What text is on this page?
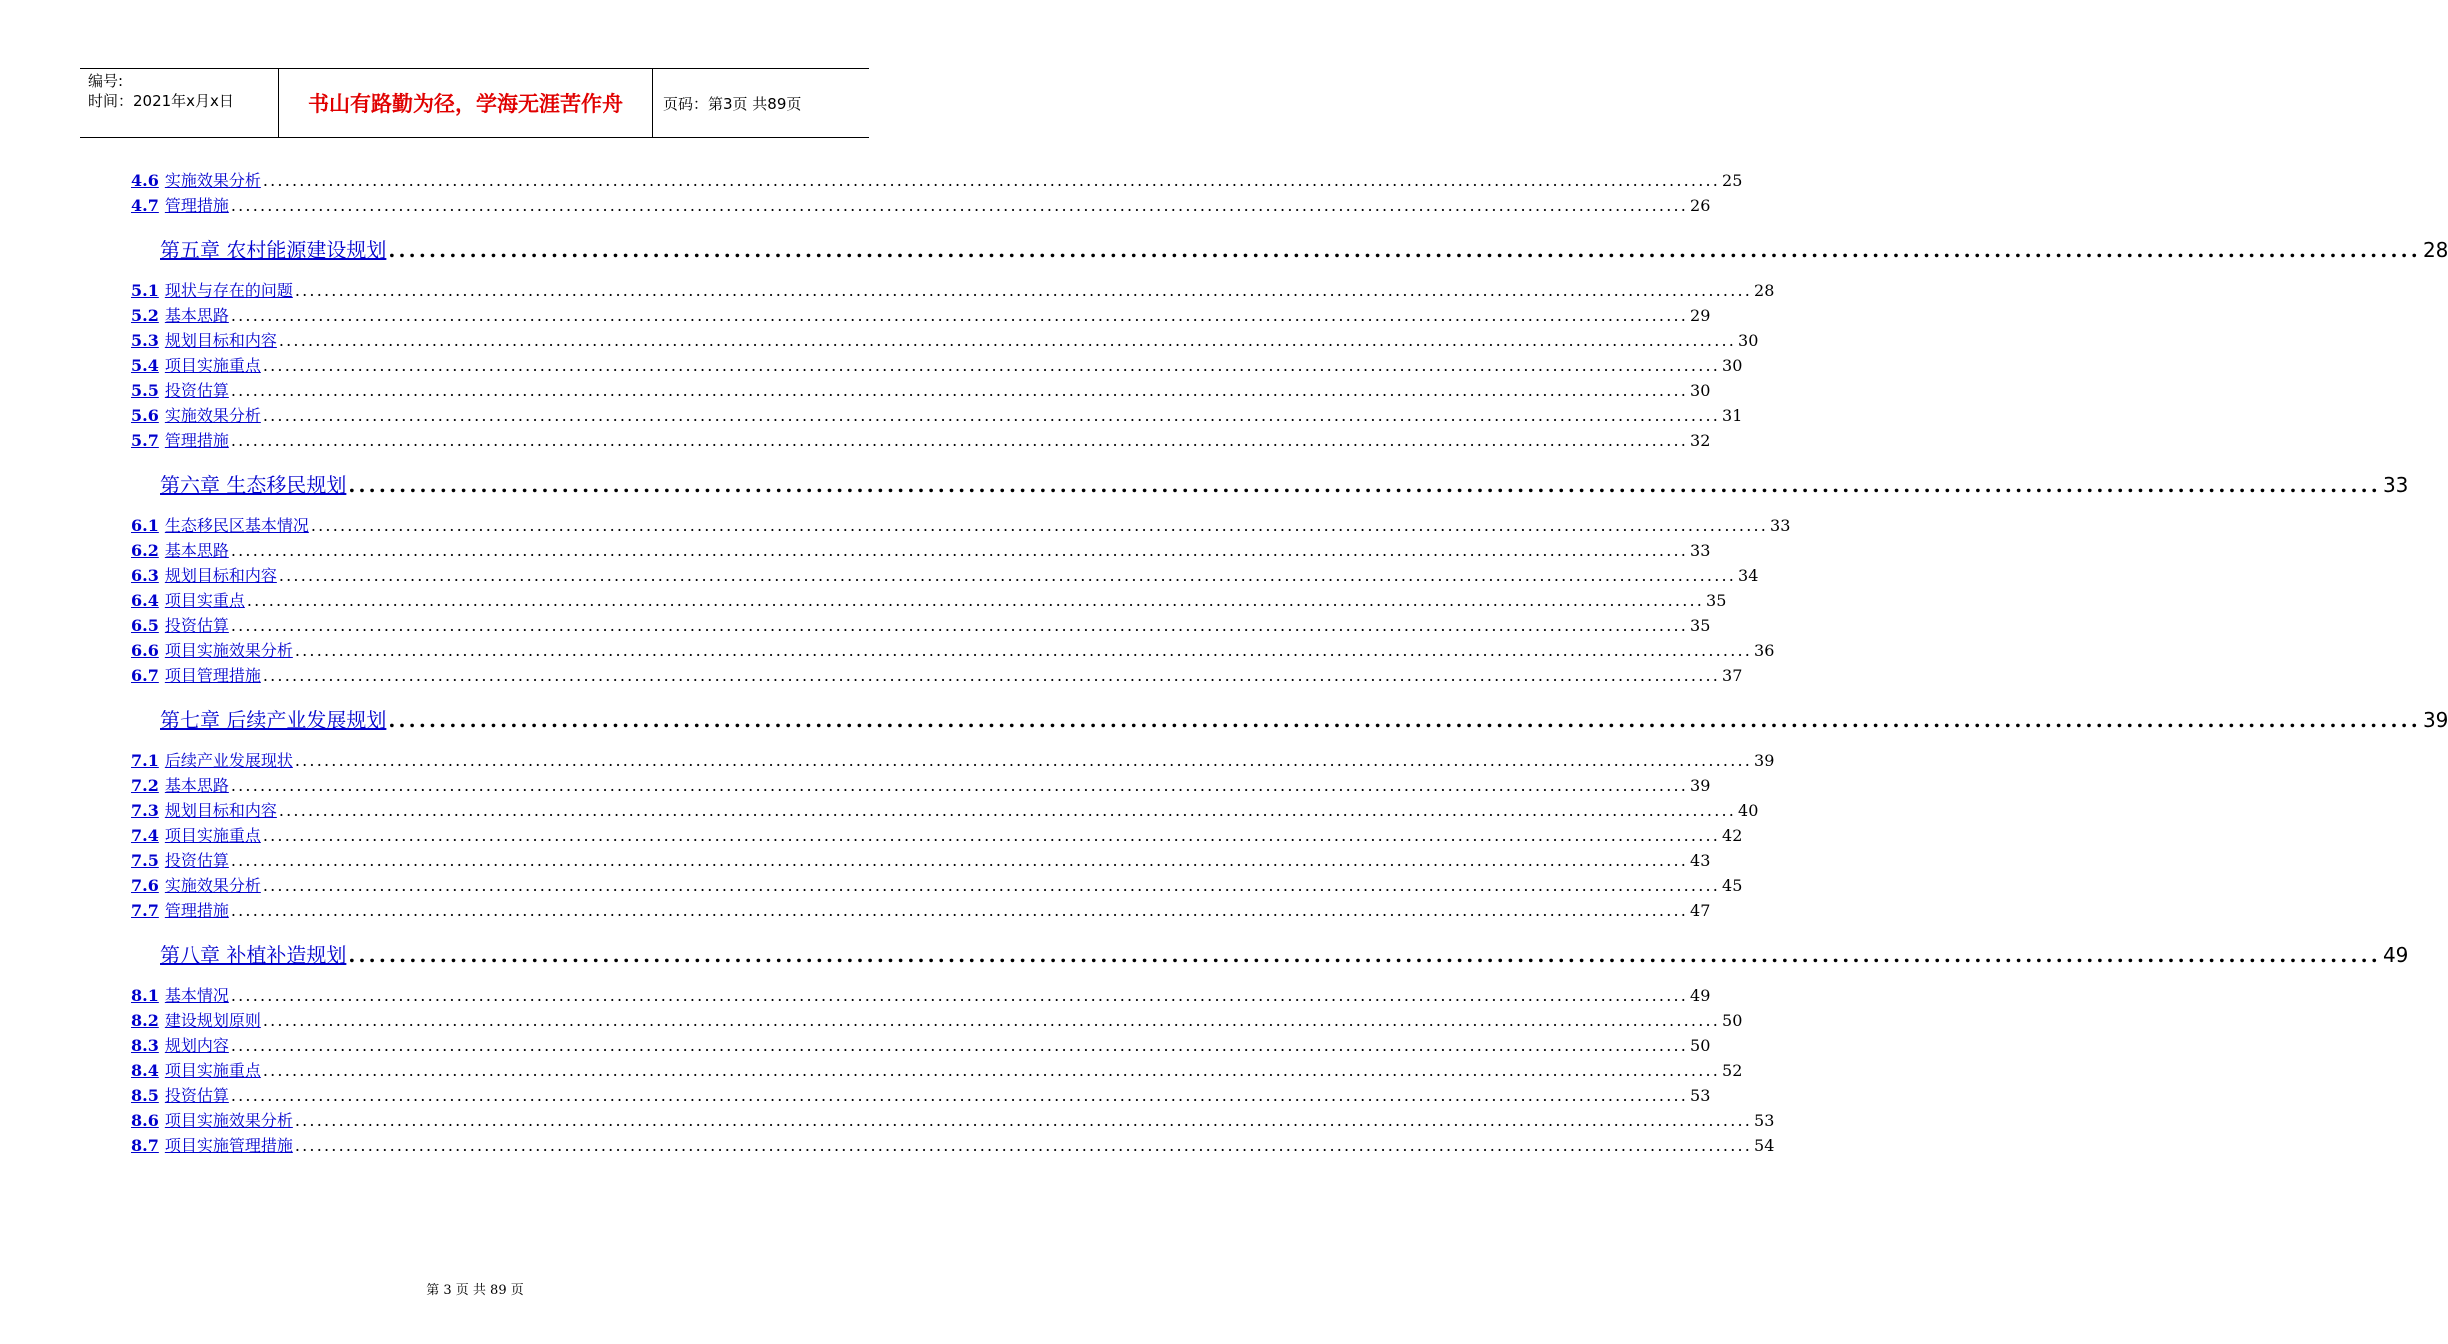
编号:
时间：2021年x月x日	书山有路勤为径，学海无涯苦作舟	页码：第3页 共89页
4.6 实施效果分析 ........................................................................................................................................................................................................ 25
4.7 管理措施 ........................................................................................................................................................................................................ 26
第五章 农村能源建设规划 ........................................................................................................................................................................................................ 28
5.1 现状与存在的问题 ........................................................................................................................................................................................................ 28
5.2 基本思路 ........................................................................................................................................................................................................ 29
5.3 规划目标和内容 ........................................................................................................................................................................................................ 30
5.4 项目实施重点 ........................................................................................................................................................................................................ 30
5.5 投资估算 ........................................................................................................................................................................................................ 30
5.6 实施效果分析 ........................................................................................................................................................................................................ 31
5.7 管理措施 ........................................................................................................................................................................................................ 32
第六章 生态移民规划 ........................................................................................................................................................................................................ 33
6.1 生态移民区基本情况 ........................................................................................................................................................................................................ 33
6.2 基本思路 ........................................................................................................................................................................................................ 33
6.3 规划目标和内容 ........................................................................................................................................................................................................ 34
6.4 项目实重点 ........................................................................................................................................................................................................ 35
6.5 投资估算 ........................................................................................................................................................................................................ 35
6.6 项目实施效果分析 ........................................................................................................................................................................................................ 36
6.7 项目管理措施 ........................................................................................................................................................................................................ 37
第七章 后续产业发展规划 ........................................................................................................................................................................................................ 39
7.1 后续产业发展现状 ........................................................................................................................................................................................................ 39
7.2 基本思路 ........................................................................................................................................................................................................ 39
7.3 规划目标和内容 ........................................................................................................................................................................................................ 40
7.4 项目实施重点 ........................................................................................................................................................................................................ 42
7.5 投资估算 ........................................................................................................................................................................................................ 43
7.6 实施效果分析 ........................................................................................................................................................................................................ 45
7.7 管理措施 ........................................................................................................................................................................................................ 47
第八章 补植补造规划 ........................................................................................................................................................................................................ 49
8.1 基本情况 ........................................................................................................................................................................................................ 49
8.2 建设规划原则 ........................................................................................................................................................................................................ 50
8.3 规划内容 ........................................................................................................................................................................................................ 50
8.4 项目实施重点 ........................................................................................................................................................................................................ 52
8.5 投资估算 ........................................................................................................................................................................................................ 53
8.6 项目实施效果分析 ........................................................................................................................................................................................................ 53
8.7 项目实施管理措施 ........................................................................................................................................................................................................ 54
第 3 页 共 89 页
